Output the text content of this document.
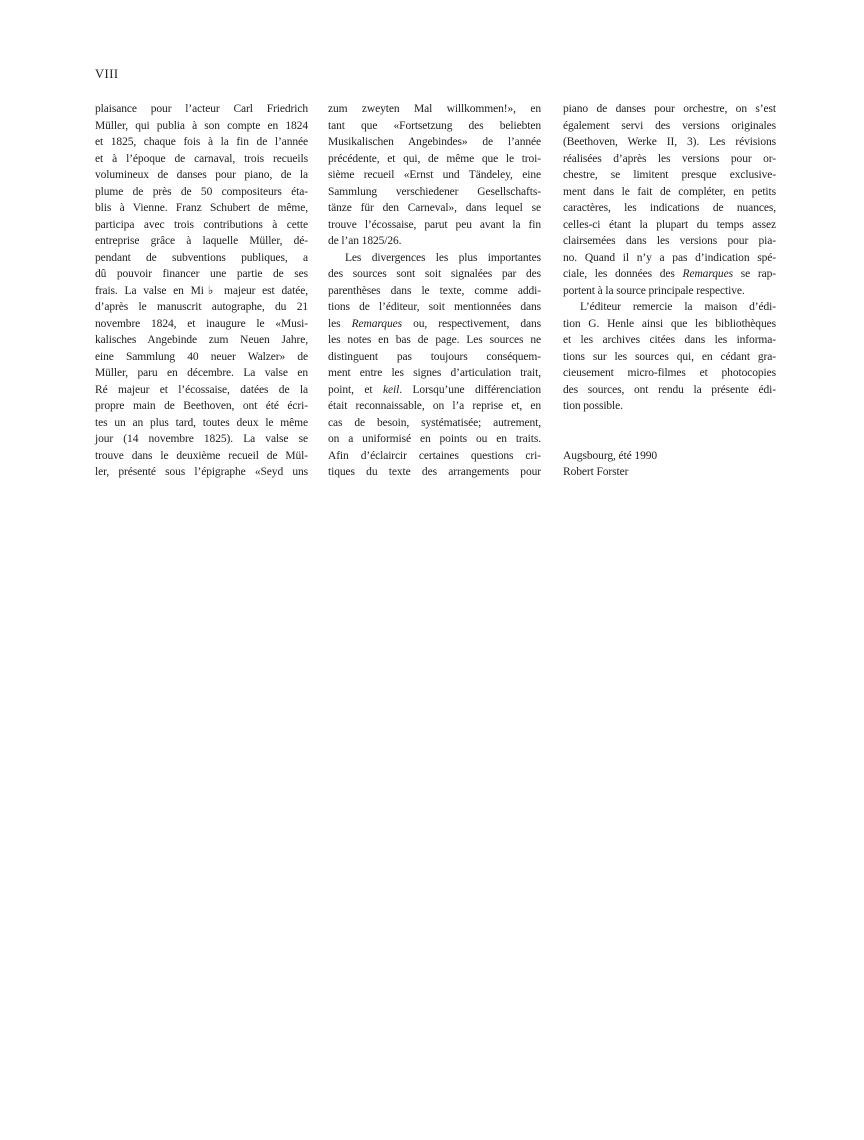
VIII
plaisance pour l’acteur Carl Friedrich
Müller, qui publia à son compte en 1824
et 1825, chaque fois à la fin de l’année
et à l’époque de carnaval, trois recueils
volumineux de danses pour piano, de la
plume de près de 50 compositeurs éta-
blis à Vienne. Franz Schubert de même,
participa avec trois contributions à cette
entreprise grâce à laquelle Müller, dé-
pendant de subventions publiques, a
dû pouvoir financer une partie de ses
frais. La valse en Mi♭ majeur est datée,
d’après le manuscrit autographe, du 21
novembre 1824, et inaugure le «Musi-
kalisches Angebinde zum Neuen Jahre,
eine Sammlung 40 neuer Walzer» de
Müller, paru en décembre. La valse en
Ré majeur et l’écossaise, datées de la
propre main de Beethoven, ont été écri-
tes un an plus tard, toutes deux le même
jour (14 novembre 1825). La valse se
trouve dans le deuxième recueil de Mül-
ler, présenté sous l’épigraphe «Seyd uns
zum zweyten Mal willkommen!», en
tant que «Fortsetzung des beliebten
Musikalischen Angebindes» de l’année
précédente, et qui, de même que le troi-
sième recueil «Ernst und Tändeley, eine
Sammlung verschiedener Gesellschafts-
tänze für den Carneval», dans lequel se
trouve l’écossaise, parut peu avant la fin
de l’an 1825/26.
Les divergences les plus importantes
des sources sont soit signalées par des
parenthèses dans le texte, comme addi-
tions de l’éditeur, soit mentionnées dans
les Remarques ou, respectivement, dans
les notes en bas de page. Les sources ne
distinguent pas toujours conséquem-
ment entre les signes d’articulation trait,
point, et keil. Lorsqu’une différenciation
était reconnaissable, on l’a reprise et, en
cas de besoin, systématisée; autrement,
on a uniformisé en points ou en traits.
Afin d’éclaircir certaines questions cri-
tiques du texte des arrangements pour
piano de danses pour orchestre, on s’est
également servi des versions originales
(Beethoven, Werke II, 3). Les révisions
réalisées d’après les versions pour or-
chestre, se limitent presque exclusive-
ment dans le fait de compléter, en petits
caractères, les indications de nuances,
celles-ci étant la plupart du temps assez
clairsemées dans les versions pour pia-
no. Quand il n’y a pas d’indication spé-
ciale, les données des Remarques se rap-
portent à la source principale respective.
L’éditeur remercie la maison d’édi-
tion G. Henle ainsi que les bibliothèques
et les archives citées dans les informa-
tions sur les sources qui, en cédant gra-
cieusement micro-filmes et photocopies
des sources, ont rendu la présente édi-
tion possible.
Augsbourg, été 1990
Robert Forster
